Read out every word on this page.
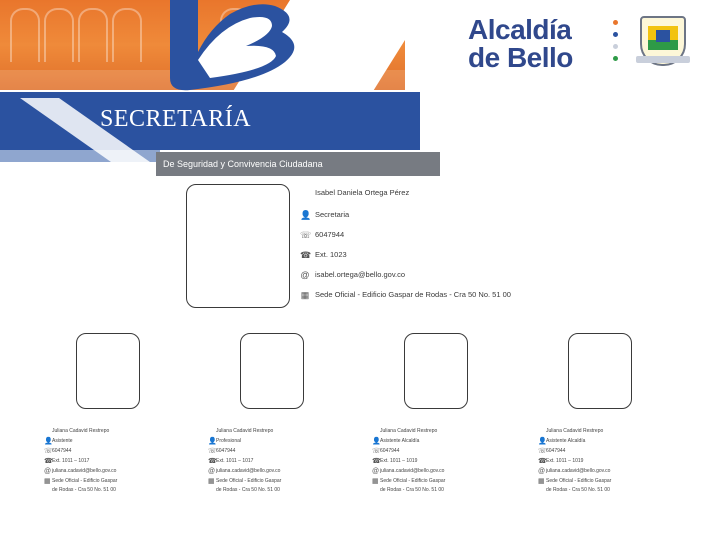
Alcaldía
de Bello
SECRETARÍA
De Seguridad y Convivencia Ciudadana
Isabel Daniela Ortega Pérez
👤 Secretaria
☏ 6047944
☎ Ext. 1023
@ isabel.ortega@bello.gov.co
▦ Sede Oficial - Edificio Gaspar de Rodas - Cra 50 No. 51 00
Juliana Cadavid Restrepo
👤 Asistente
☏ 6047944
☎ Ext. 1011 – 1017
@ juliana.cadavid@bello.gov.co
▦ Sede Oficial - Edificio Gaspar
de Rodas - Cra 50 No. 51 00
Juliana Cadavid Restrepo
👤 Profesional
☏ 6047944
☎ Ext. 1011 – 1017
@ juliana.cadavid@bello.gov.co
▦ Sede Oficial - Edificio Gaspar
de Rodas - Cra 50 No. 51 00
Juliana Cadavid Restrepo
👤 Asistente Alcaldía
☏ 6047944
☎ Ext. 1011 – 1019
@ juliana.cadavid@bello.gov.co
▦ Sede Oficial - Edificio Gaspar
de Rodas - Cra 50 No. 51 00
Juliana Cadavid Restrepo
👤 Asistente Alcaldía
☏ 6047944
☎ Ext. 1011 – 1019
@ juliana.cadavid@bello.gov.co
▦ Sede Oficial - Edificio Gaspar
de Rodas - Cra 50 No. 51 00
